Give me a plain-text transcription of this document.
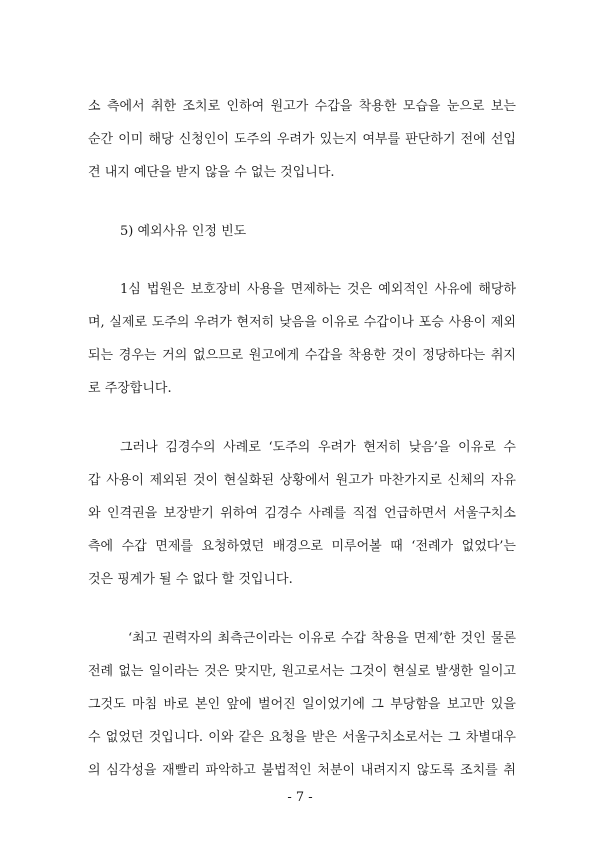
소 측에서 취한 조치로 인하여 원고가 수갑을 착용한 모습을 눈으로 보는
순간 이미 해당 신청인이 도주의 우려가 있는지 여부를 판단하기 전에 선입
견 내지 예단을 받지 않을 수 없는 것입니다.
5) 예외사유 인정 빈도
1심 법원은 보호장비 사용을 면제하는 것은 예외적인 사유에 해당하
며, 실제로 도주의 우려가 현저히 낮음을 이유로 수갑이나 포승 사용이 제외
되는 경우는 거의 없으므로 원고에게 수갑을 착용한 것이 정당하다는 취지
로 주장합니다.
그러나 김경수의 사례로 ‘도주의 우려가 현저히 낮음’을 이유로 수
갑 사용이 제외된 것이 현실화된 상황에서 원고가 마찬가지로 신체의 자유
와 인격권을 보장받기 위하여 김경수 사례를 직접 언급하면서 서울구치소
측에 수갑 면제를 요청하였던 배경으로 미루어볼 때 ‘전례가 없었다’는
것은 핑계가 될 수 없다 할 것입니다.
‘최고 권력자의 최측근이라는 이유로 수갑 착용을 면제’한 것인 물론
전례 없는 일이라는 것은 맞지만, 원고로서는 그것이 현실로 발생한 일이고
그것도 마침 바로 본인 앞에 벌어진 일이었기에 그 부당함을 보고만 있을
수 없었던 것입니다. 이와 같은 요청을 받은 서울구치소로서는 그 차별대우
의 심각성을 재빨리 파악하고 불법적인 처분이 내려지지 않도록 조치를 취
- 7 -
